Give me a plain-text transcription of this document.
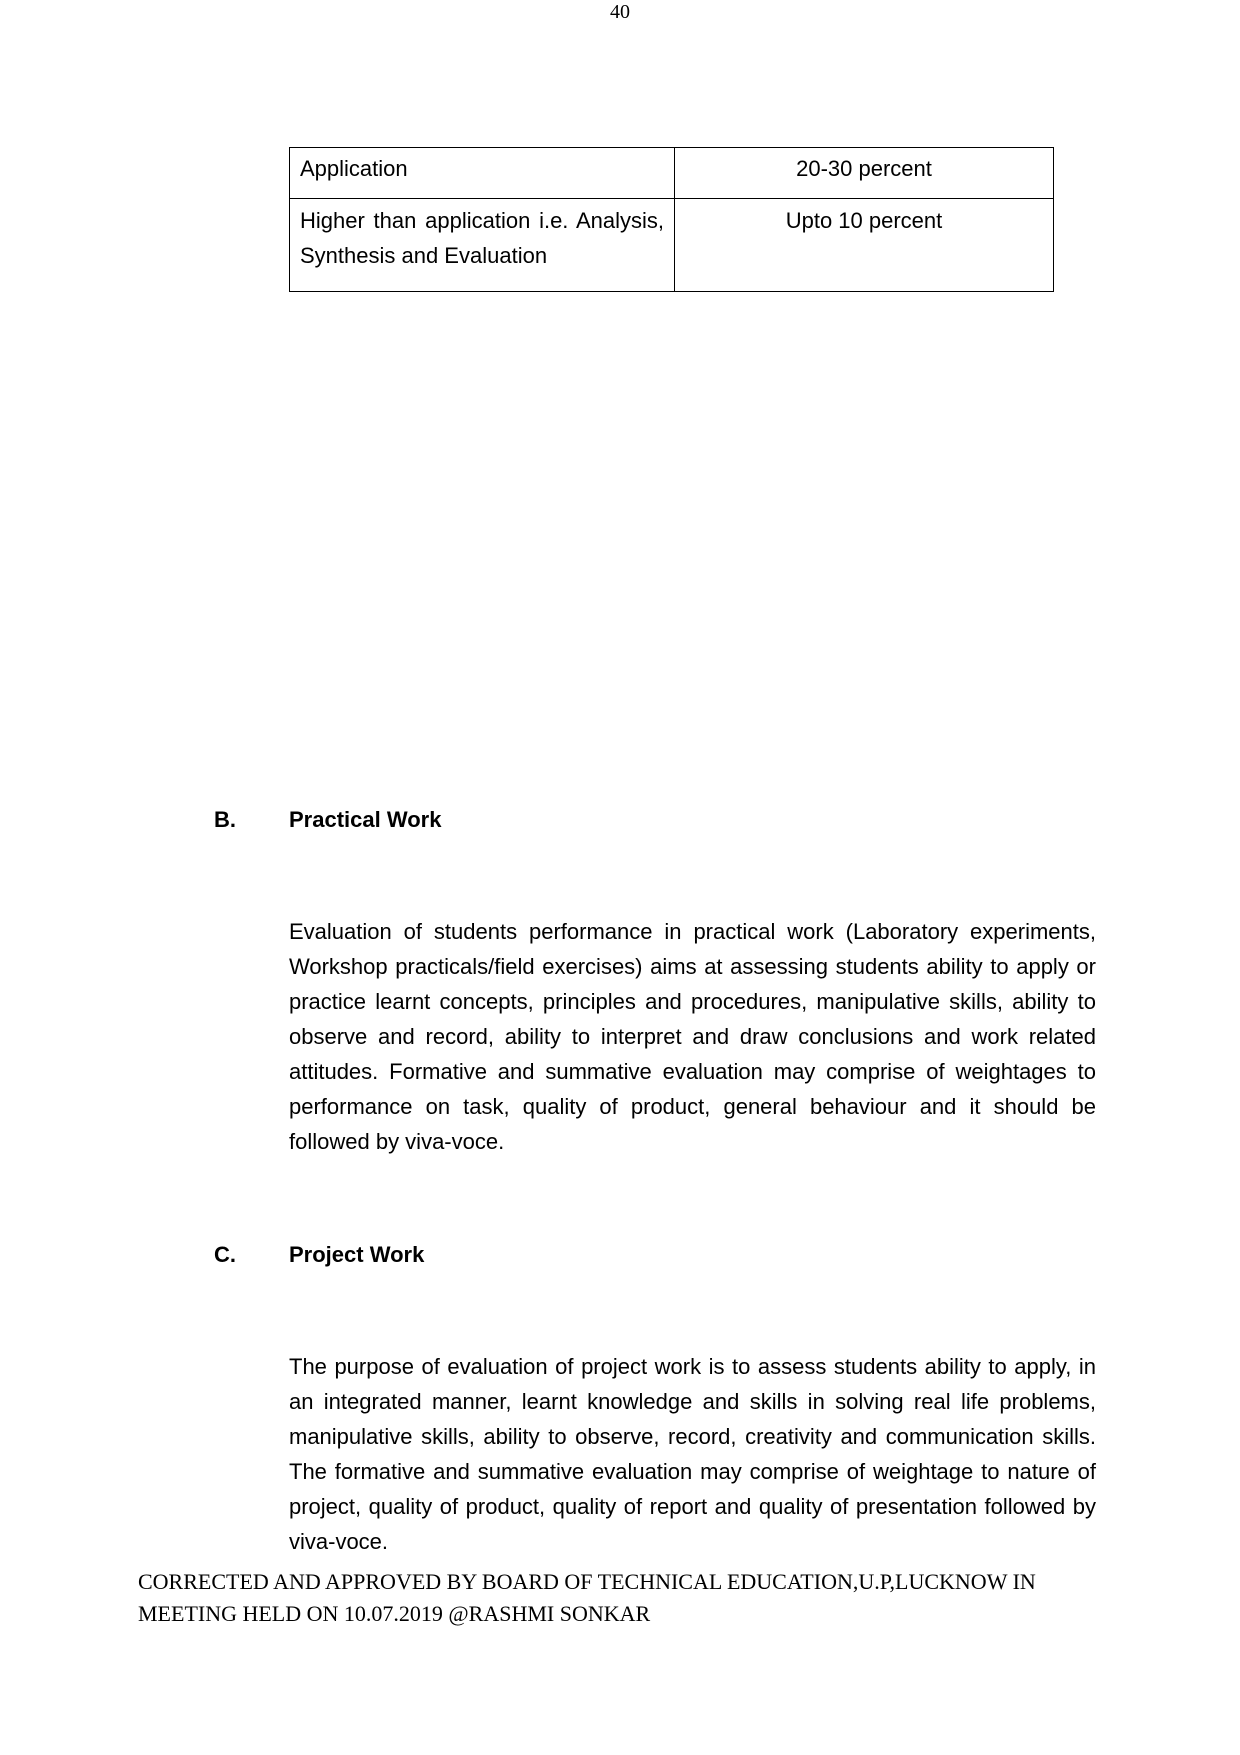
40
Application	20-30 percent
Higher than application i.e. Analysis, Synthesis and Evaluation	Upto 10 percent
B. Practical Work

Evaluation of students performance in practical work (Laboratory experiments, Workshop practicals/field exercises) aims at assessing students ability to apply or practice learnt concepts, principles and procedures, manipulative skills, ability to observe and record, ability to interpret and draw conclusions and work related attitudes. Formative and summative evaluation may comprise of weightages to performance on task, quality of product, general behaviour and it should be followed by viva-voce.

C. Project Work

The purpose of evaluation of project work is to assess students ability to apply, in an integrated manner, learnt knowledge and skills in solving real life problems, manipulative skills, ability to observe, record, creativity and communication skills. The formative and summative evaluation may comprise of weightage to nature of project, quality of product, quality of report and quality of presentation followed by viva-voce.

CORRECTED AND APPROVED BY BOARD OF TECHNICAL EDUCATION,U.P,LUCKNOW IN
MEETING HELD ON 10.07.2019 @RASHMI SONKAR
